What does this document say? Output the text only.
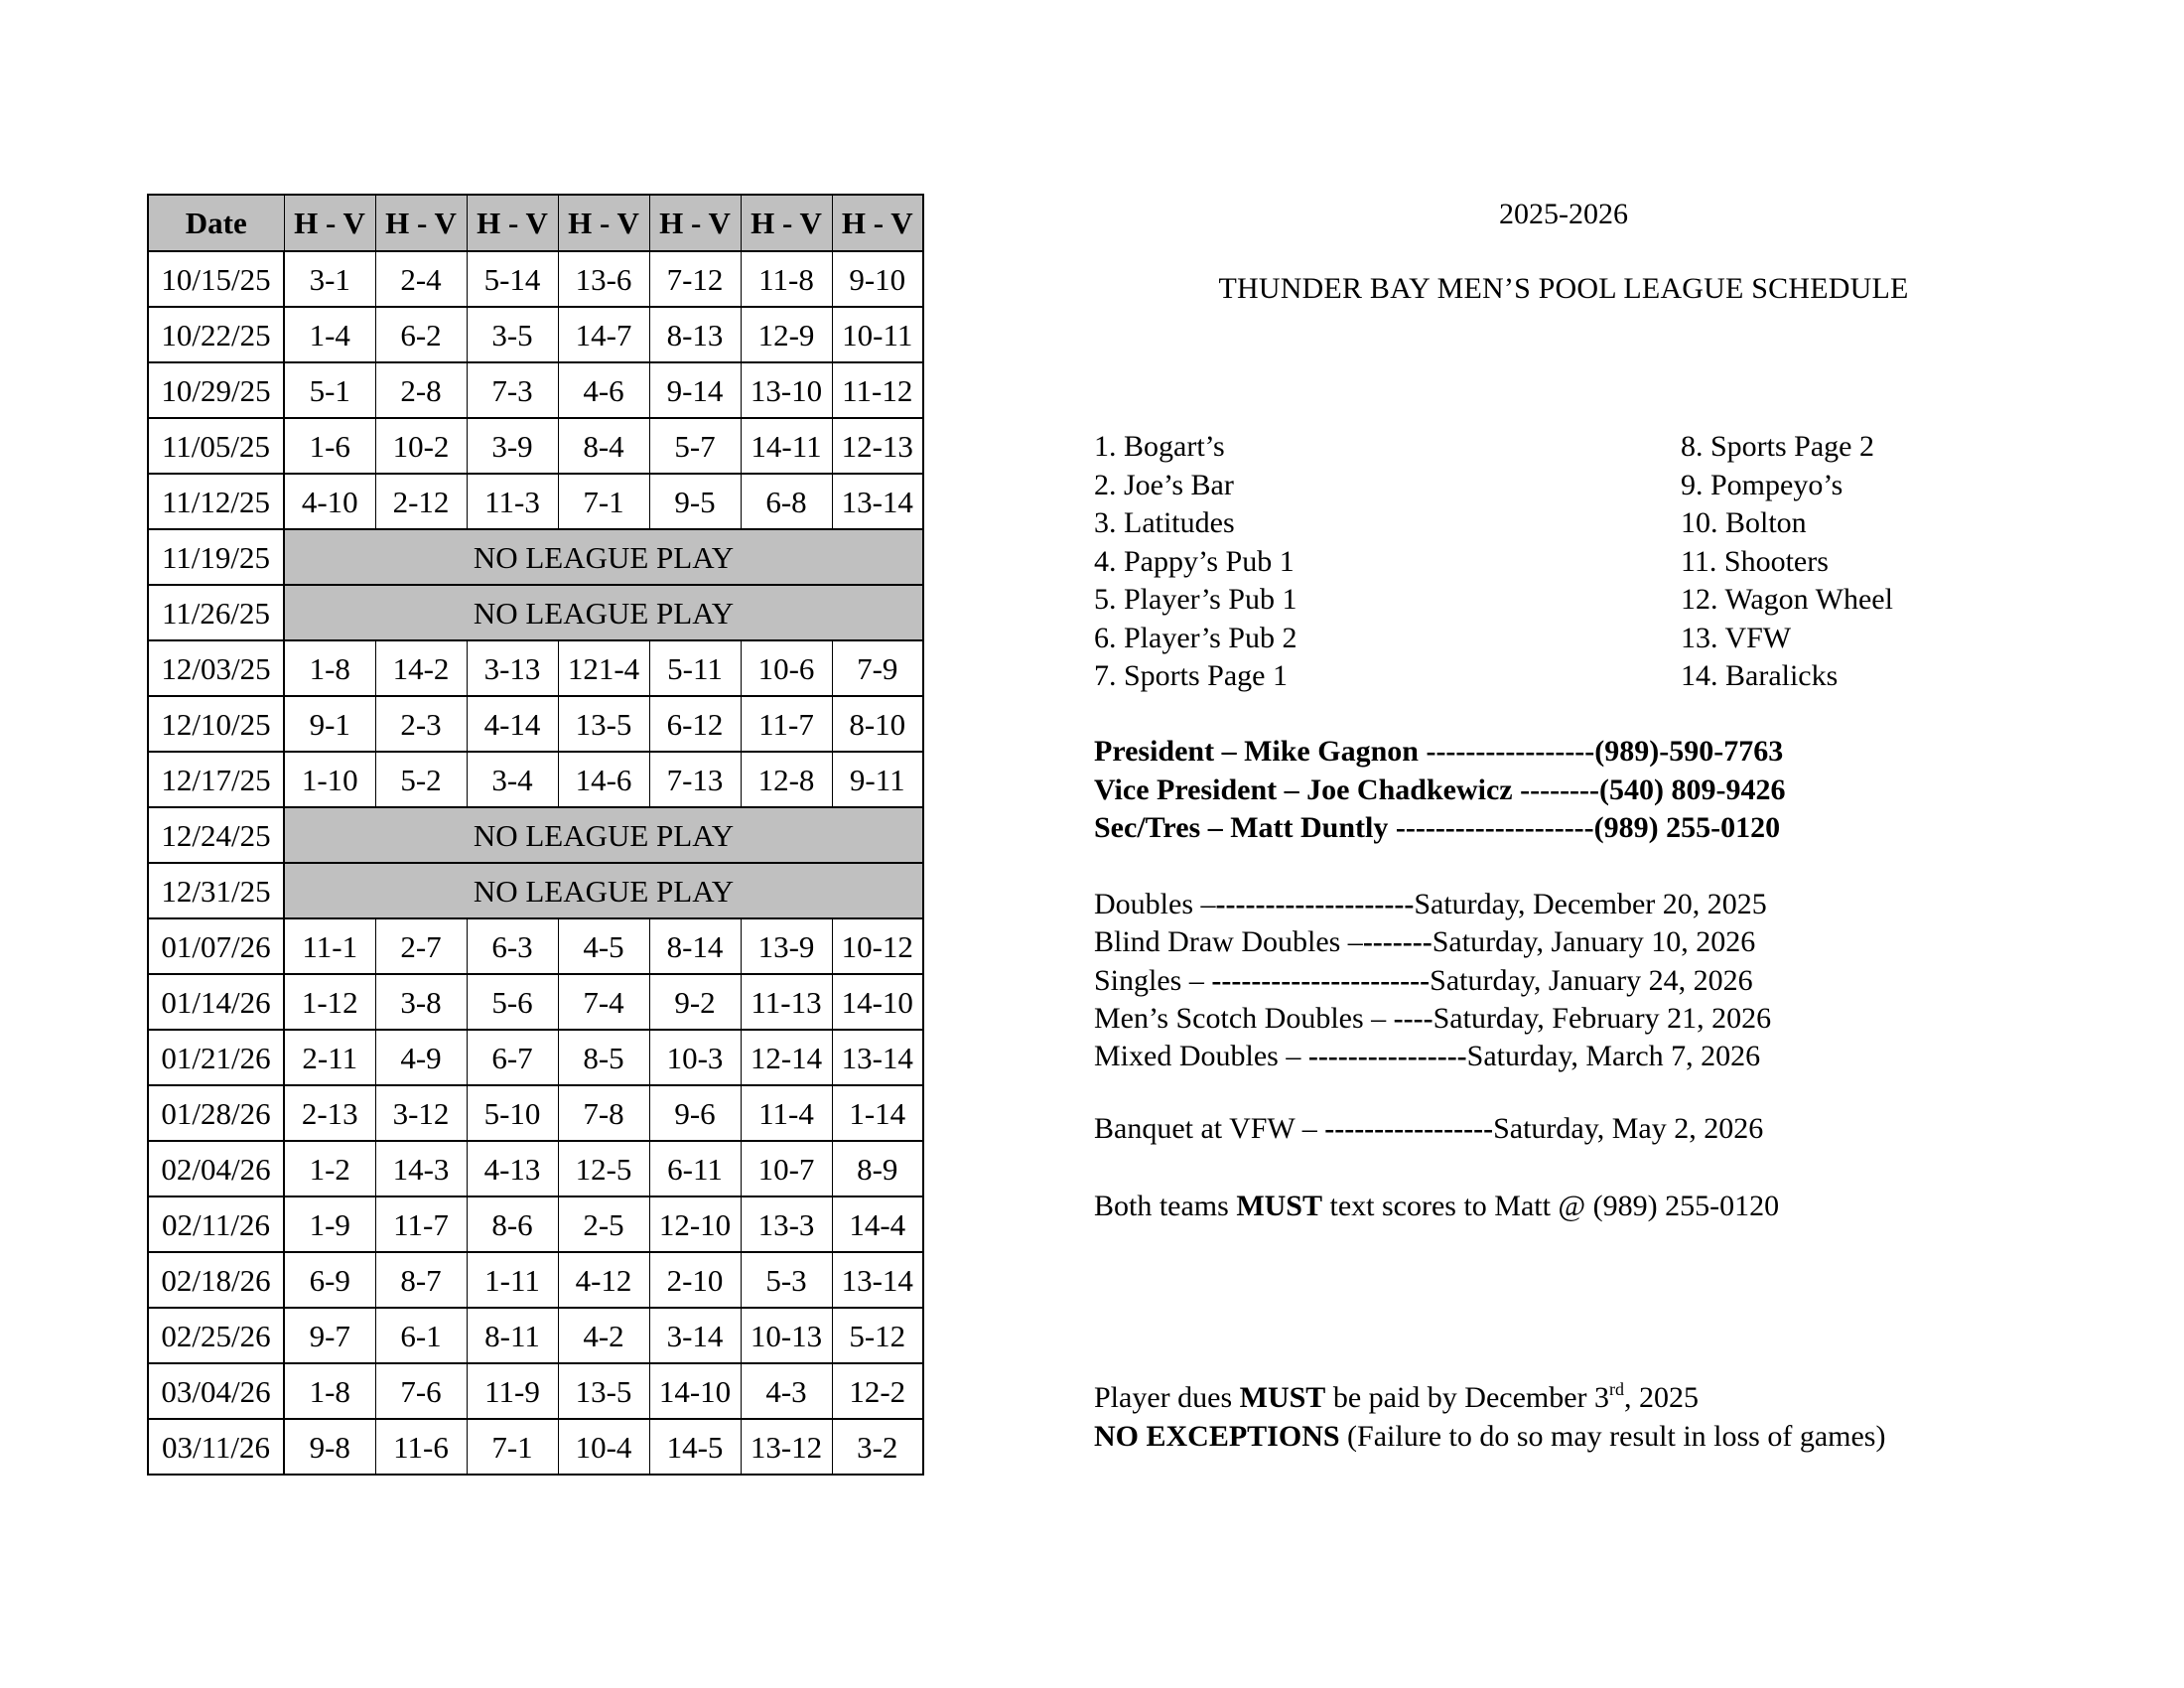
Date	H - V	H - V	H - V	H - V	H - V	H - V	H - V
10/15/25	3-1	2-4	5-14	13-6	7-12	11-8	9-10
10/22/25	1-4	6-2	3-5	14-7	8-13	12-9	10-11
10/29/25	5-1	2-8	7-3	4-6	9-14	13-10	11-12
11/05/25	1-6	10-2	3-9	8-4	5-7	14-11	12-13
11/12/25	4-10	2-12	11-3	7-1	9-5	6-8	13-14
11/19/25	NO LEAGUE PLAY						
11/26/25	NO LEAGUE PLAY						
12/03/25	1-8	14-2	3-13	121-4	5-11	10-6	7-9
12/10/25	9-1	2-3	4-14	13-5	6-12	11-7	8-10
12/17/25	1-10	5-2	3-4	14-6	7-13	12-8	9-11
12/24/25	NO LEAGUE PLAY						
12/31/25	NO LEAGUE PLAY						
01/07/26	11-1	2-7	6-3	4-5	8-14	13-9	10-12
01/14/26	1-12	3-8	5-6	7-4	9-2	11-13	14-10
01/21/26	2-11	4-9	6-7	8-5	10-3	12-14	13-14
01/28/26	2-13	3-12	5-10	7-8	9-6	11-4	1-14
02/04/26	1-2	14-3	4-13	12-5	6-11	10-7	8-9
02/11/26	1-9	11-7	8-6	2-5	12-10	13-3	14-4
02/18/26	6-9	8-7	1-11	4-12	2-10	5-3	13-14
02/25/26	9-7	6-1	8-11	4-2	3-14	10-13	5-12
03/04/26	1-8	7-6	11-9	13-5	14-10	4-3	12-2
03/11/26	9-8	11-6	7-1	10-4	14-5	13-12	3-2
2025-2026
THUNDER BAY MEN’S POOL LEAGUE SCHEDULE
1. Bogart’s
2. Joe’s Bar
3. Latitudes
4. Pappy’s Pub 1
5. Player’s Pub 1
6. Player’s Pub 2
7. Sports Page 1
8. Sports Page 2
9. Pompeyo’s
10. Bolton
11. Shooters
12. Wagon Wheel
13. VFW
14. Baralicks
President – Mike Gagnon -----------------(989)-590-7763
Vice President – Joe Chadkewicz --------(540) 809-9426
Sec/Tres – Matt Duntly --------------------(989) 255-0120
Doubles –--------------------Saturday, December 20, 2025
Blind Draw Doubles –-------Saturday, January 10, 2026
Singles – ----------------------Saturday, January 24, 2026
Men’s Scotch Doubles – ----Saturday, February 21, 2026
Mixed Doubles – ----------------Saturday, March 7, 2026
Banquet at VFW – -----------------Saturday, May 2, 2026
Both teams MUST text scores to Matt @ (989) 255-0120
Player dues MUST be paid by December 3rd, 2025
NO EXCEPTIONS (Failure to do so may result in loss of games)
